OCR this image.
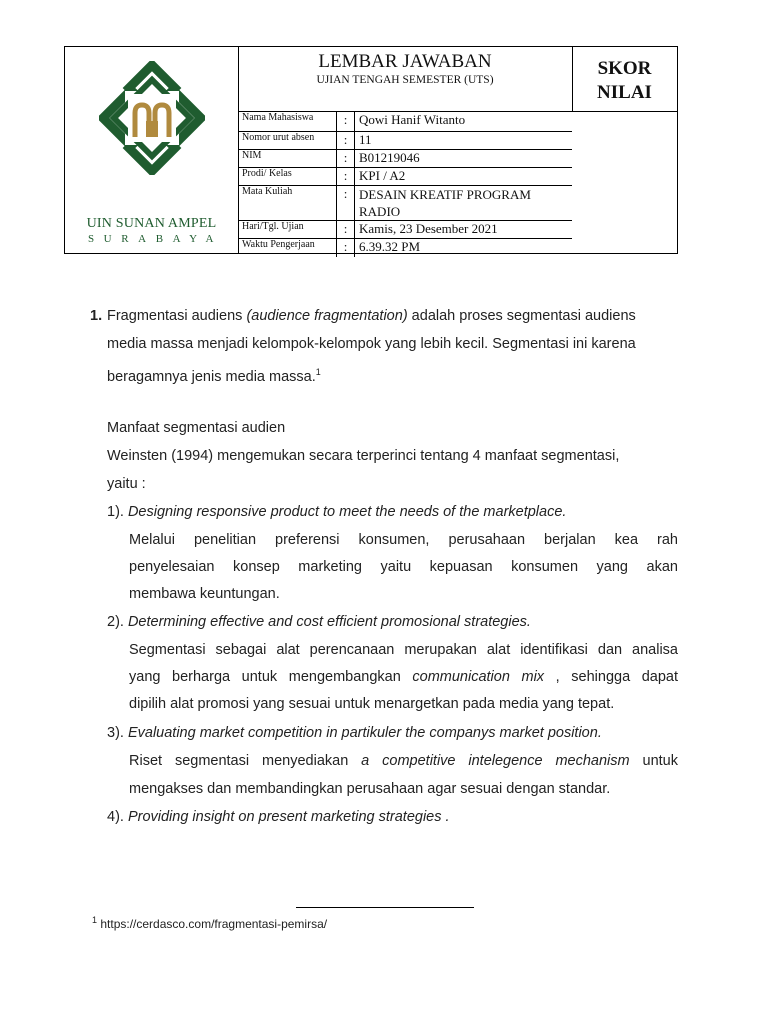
UIN SUNAN AMPEL
SURABAYA
LEMBAR JAWABAN
UJIAN TENGAH SEMESTER (UTS)
SKOR
NILAI
Nama Mahasiswa	:	Qowi Hanif Witanto
Nomor urut absen	:	11
NIM	:	B01219046
Prodi/ Kelas	:	KPI / A2
Mata Kuliah	:	DESAIN KREATIF PROGRAM RADIO
Hari/Tgl. Ujian	:	Kamis, 23 Desember 2021
Waktu Pengerjaan	:	6.39.32 PM
1. Fragmentasi audiens (audience fragmentation) adalah proses segmentasi audiens
media massa menjadi kelompok-kelompok yang lebih kecil. Segmentasi ini karena
beragamnya jenis media massa.$^1$
Manfaat segmentasi audien
Weinsten (1994) mengemukan secara terperinci tentang 4 manfaat segmentasi,
yaitu :
1). Designing responsive product to meet the needs of the marketplace.
Melalui penelitian preferensi konsumen, perusahaan berjalan kea rah
penyelesaian konsep marketing yaitu kepuasan konsumen yang akan
membawa keuntungan.
2). Determining effective and cost efficient promosional strategies.
Segmentasi sebagai alat perencanaan merupakan alat identifikasi dan analisa
yang berharga untuk mengembangkan communication mix , sehingga dapat
dipilih alat promosi yang sesuai untuk menargetkan pada media yang tepat.
3). Evaluating market competition in partikuler the companys market position.
Riset segmentasi menyediakan a competitive intelegence mechanism untuk
mengakses dan membandingkan perusahaan agar sesuai dengan standar.
4). Providing insight on present marketing strategies .
$^1$ https://cerdasco.com/fragmentasi-pemirsa/
